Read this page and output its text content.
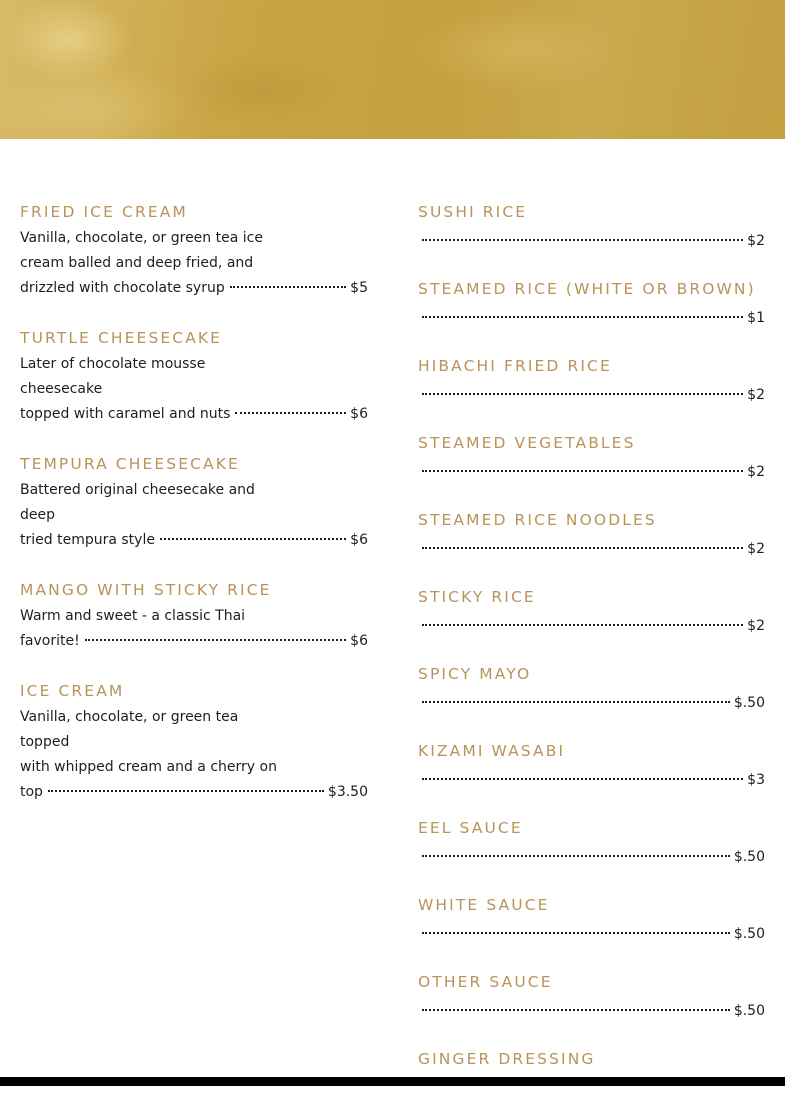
FRIED ICE CREAM
Vanilla, chocolate, or green tea ice
cream balled and deep fried, and
drizzled with chocolate syrup	$5
TURTLE CHEESECAKE
Later of chocolate mousse cheesecake
topped with caramel and nuts	$6
TEMPURA CHEESECAKE
Battered original cheesecake and deep
tried tempura style	$6
MANGO WITH STICKY RICE
Warm and sweet - a classic Thai
favorite!	$6
ICE CREAM
Vanilla, chocolate, or green tea topped
with whipped cream and a cherry on
top	$3.50
SUSHI RICE
$2
STEAMED RICE (WHITE OR BROWN)
$1
HIBACHI FRIED RICE
$2
STEAMED VEGETABLES
$2
STEAMED RICE NOODLES
$2
STICKY RICE
$2
SPICY MAYO
$.50
KIZAMI WASABI
$3
EEL SAUCE
$.50
WHITE SAUCE
$.50
OTHER SAUCE
$.50
GINGER DRESSING
